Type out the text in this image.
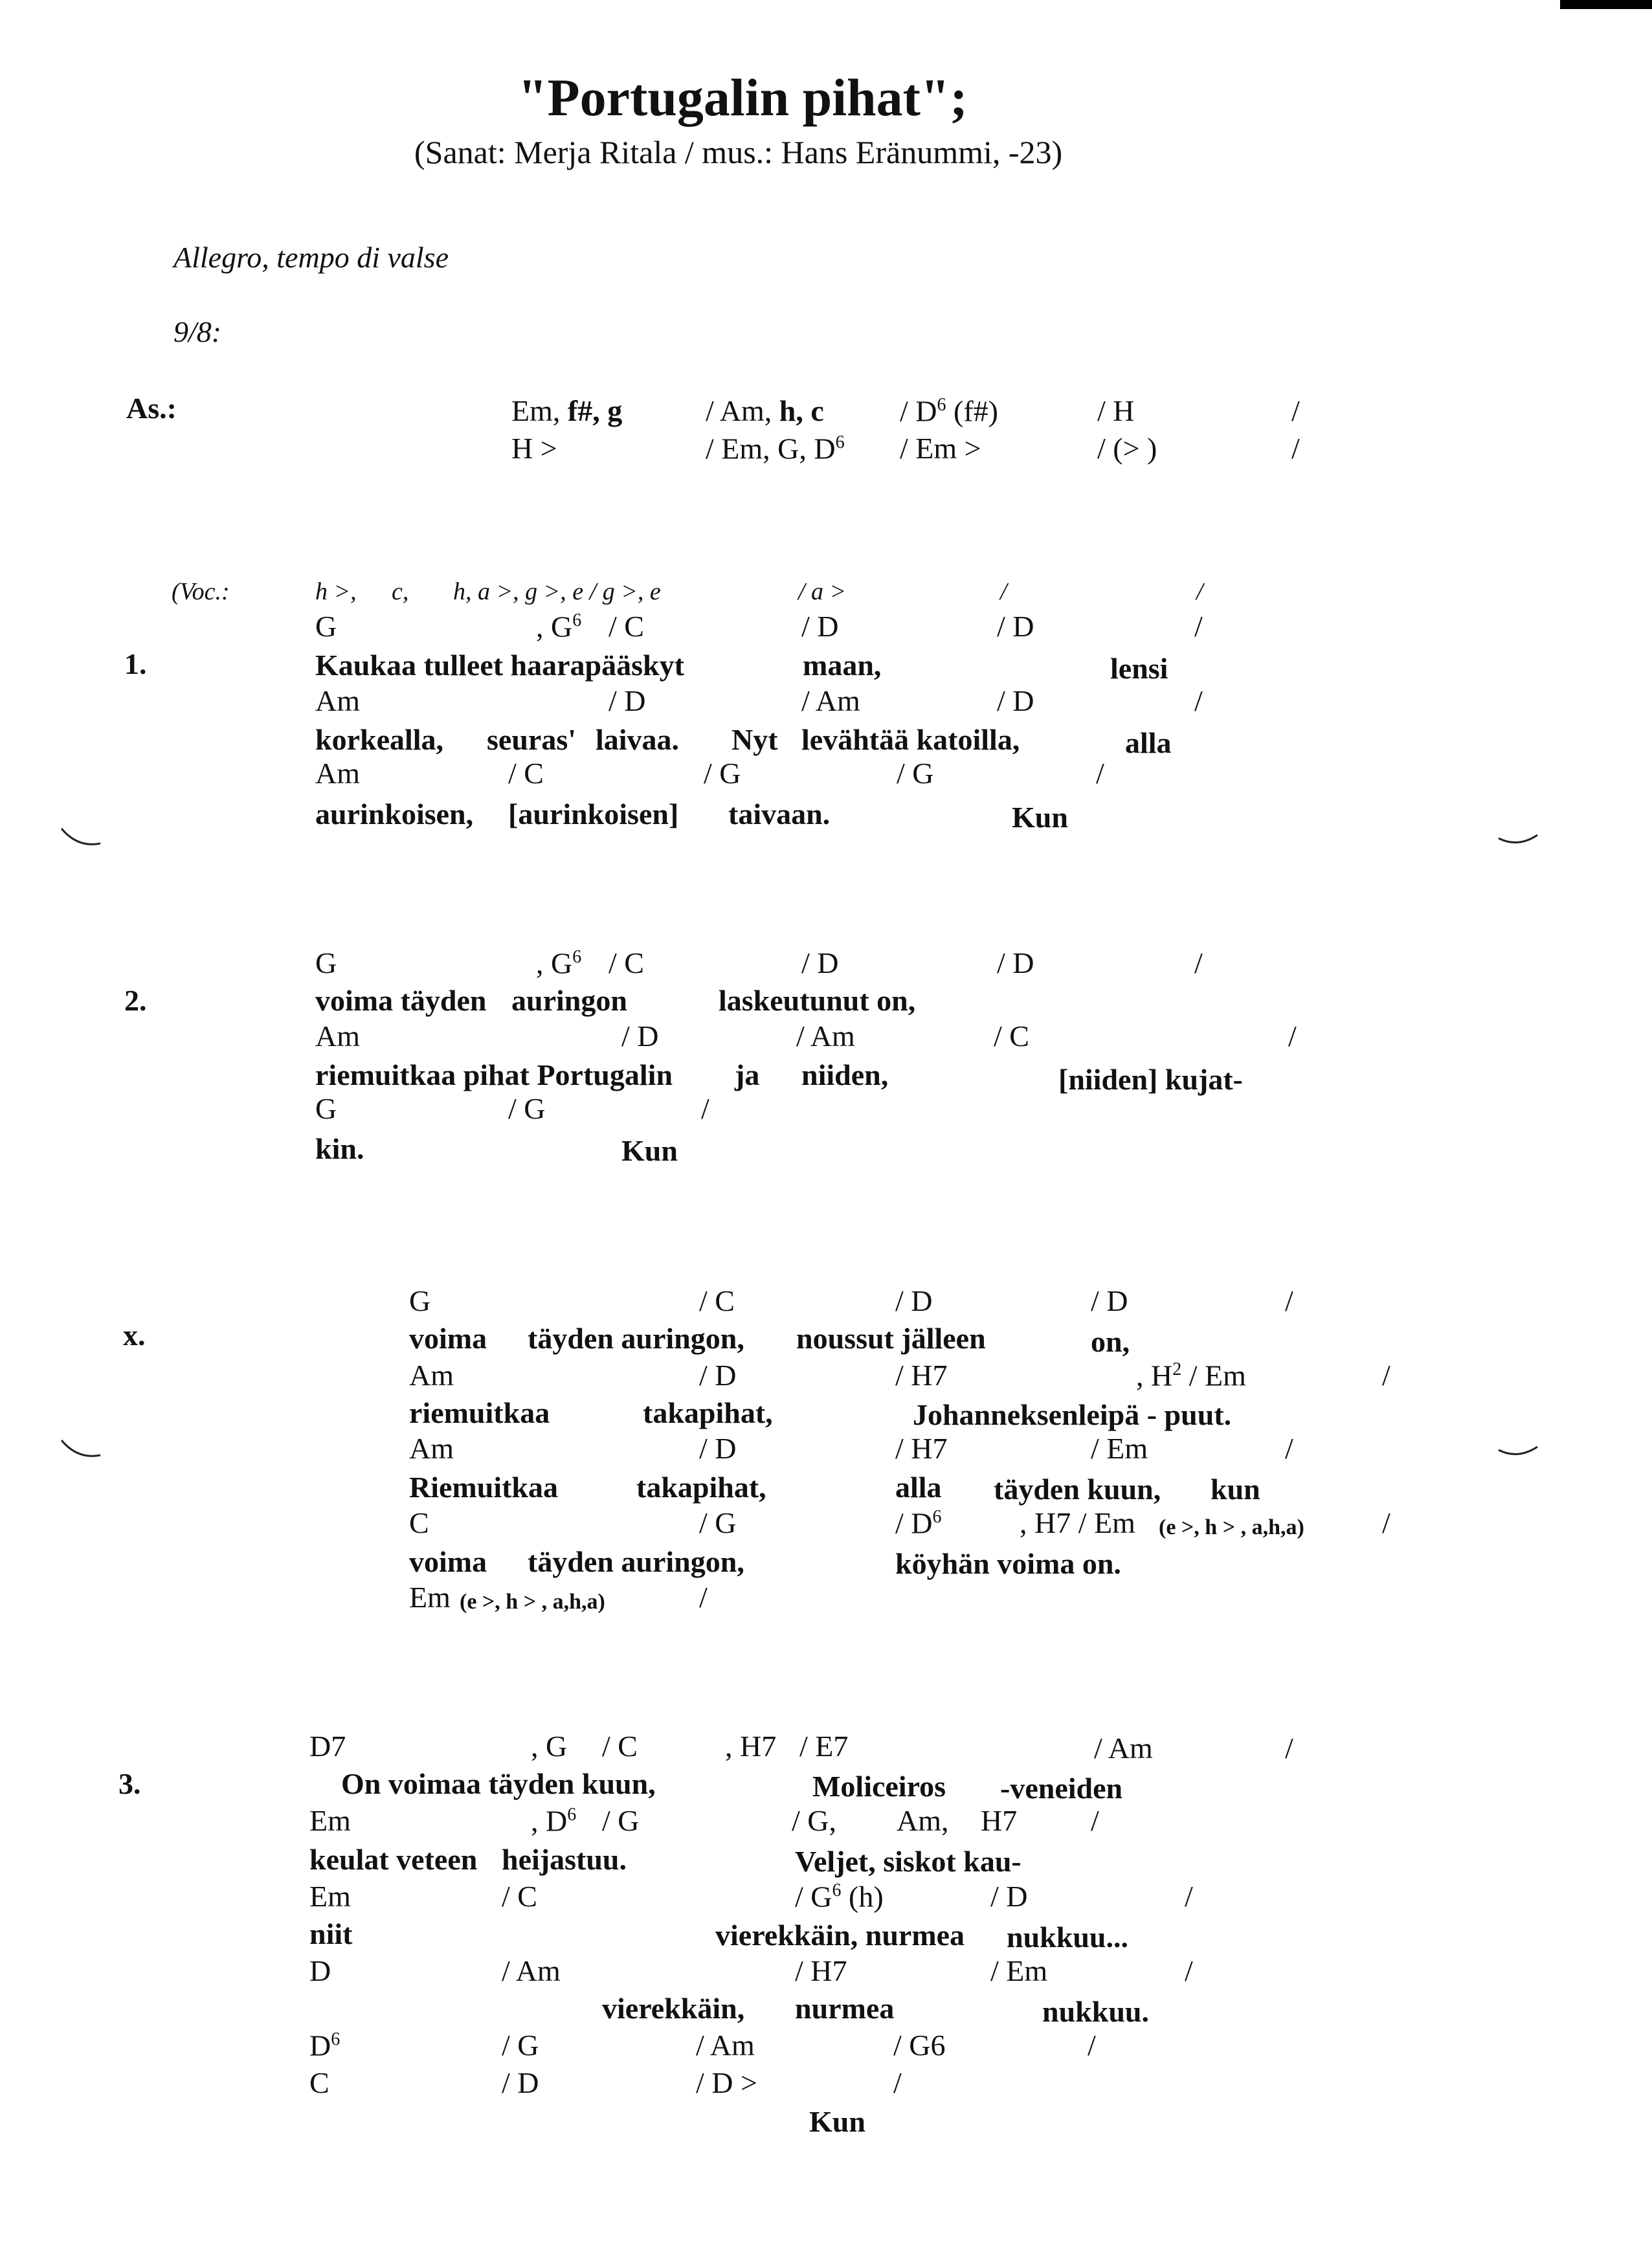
"Portugalin pihat";
(Sanat: Merja Ritala / mus.: Hans Eränummi, -23)
Allegro, tempo di valse
9/8:
As.:	Em, f#, g	/ Am, h, c	/ $D^6$ (f#)	/ H	/
H >	/ Em, G, $D^6$ / Em >	/ (> )	/
(Voc.:	h >, c, h, a >, g >, e / g >, e	/ a >	/	/
1.
G	, $G^6$ / C	/ D	/ D	/
Kaukaa tulleet haarapääskyt	maan,	lensi
Am	/ D	/ Am	/ D	/
korkealla, seuras' laivaa. Nyt levähtää katoilla,	alla
Am	/ C	/ G	/ G	/
aurinkoisen, [aurinkoisen] taivaan.	Kun
2.
G	, $G^6$ / C	/ D	/ D	/
voima täyden auringon	laskeutunut on,
Am	/ D	/ Am	/ C	/
riemuitkaa pihat Portugalin ja niiden,	[niiden] kujat-
G	/ G	/
kin.	Kun
x.
G	/ C	/ D	/ D	/
voima täyden auringon, noussut jälleen	on,
Am	/ D	/ H7	, $H^2$ / Em	/
riemuitkaa	takapihat,	Johanneksenleipä - puut.
Am	/ D	/ H7	/ Em	/
Riemuitkaa	takapihat,	alla täyden kuun, kun
C	/ G	/ $D^6$	, H7 / Em (e >, h > , a,h,a)	/
voima täyden auringon,	köyhän voima on.
Em (e >, h > , a,h,a)	/
3.
D7	, G / C	, H7 / E7	/ Am	/
On voimaa täyden kuun,	Moliceiros -veneiden
Em	, $D^6$ / G	/ G, Am, H7 /
keulat veteen heijastuu.	Veljet, siskot kau-
Em	/ C	/ $G^6$ (h)	/ D	/
niit	vierekkäin, nurmea nukkuu...
D	/ Am	/ H7	/ Em	/
vierekkäin, nurmea	nukkuu.
$D^6$	/ G	/ Am	/ G6	/
C	/ D	/ D >	/
Kun
